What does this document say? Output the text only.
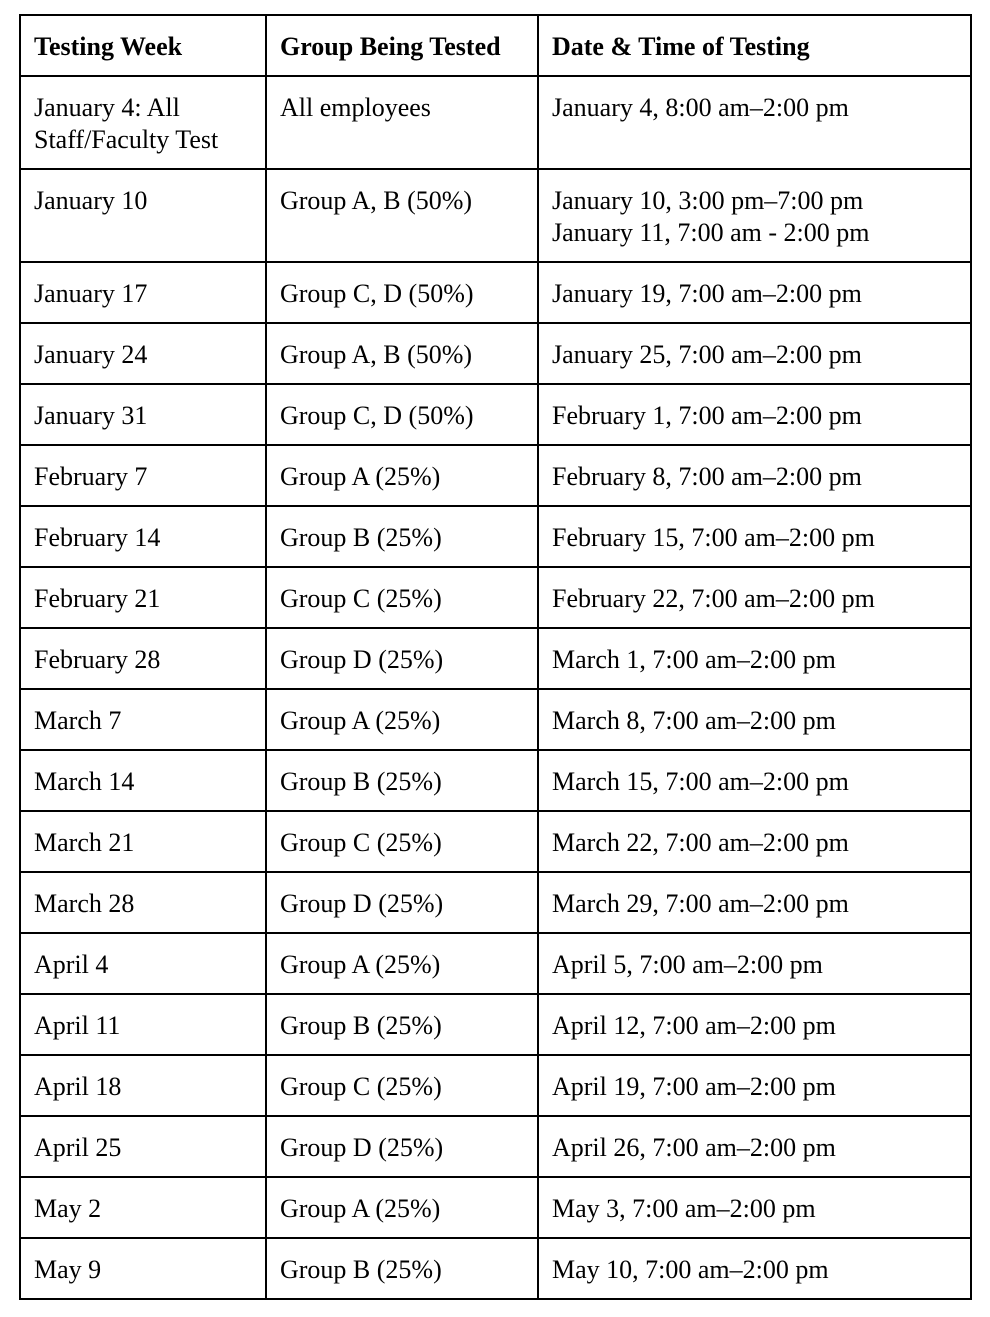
Testing Week	Group Being Tested	Date & Time of Testing

January 4: All
Staff/Faculty Test	All employees	January 4, 8:00 am–2:00 pm

January 10	Group A, B (50%)	January 10, 3:00 pm–7:00 pm
January 11, 7:00 am - 2:00 pm

January 17	Group C, D (50%)	January 19, 7:00 am–2:00 pm

January 24	Group A, B (50%)	January 25, 7:00 am–2:00 pm

January 31	Group C, D (50%)	February 1, 7:00 am–2:00 pm

February 7	Group A (25%)	February 8, 7:00 am–2:00 pm

February 14	Group B (25%)	February 15, 7:00 am–2:00 pm

February 21	Group C (25%)	February 22, 7:00 am–2:00 pm

February 28	Group D (25%)	March 1, 7:00 am–2:00 pm

March 7	Group A (25%)	March 8, 7:00 am–2:00 pm

March 14	Group B (25%)	March 15, 7:00 am–2:00 pm

March 21	Group C (25%)	March 22, 7:00 am–2:00 pm

March 28	Group D (25%)	March 29, 7:00 am–2:00 pm

April 4	Group A (25%)	April 5, 7:00 am–2:00 pm

April 11	Group B (25%)	April 12, 7:00 am–2:00 pm

April 18	Group C (25%)	April 19, 7:00 am–2:00 pm

April 25	Group D (25%)	April 26, 7:00 am–2:00 pm

May 2	Group A (25%)	May 3, 7:00 am–2:00 pm

May 9	Group B (25%)	May 10, 7:00 am–2:00 pm
